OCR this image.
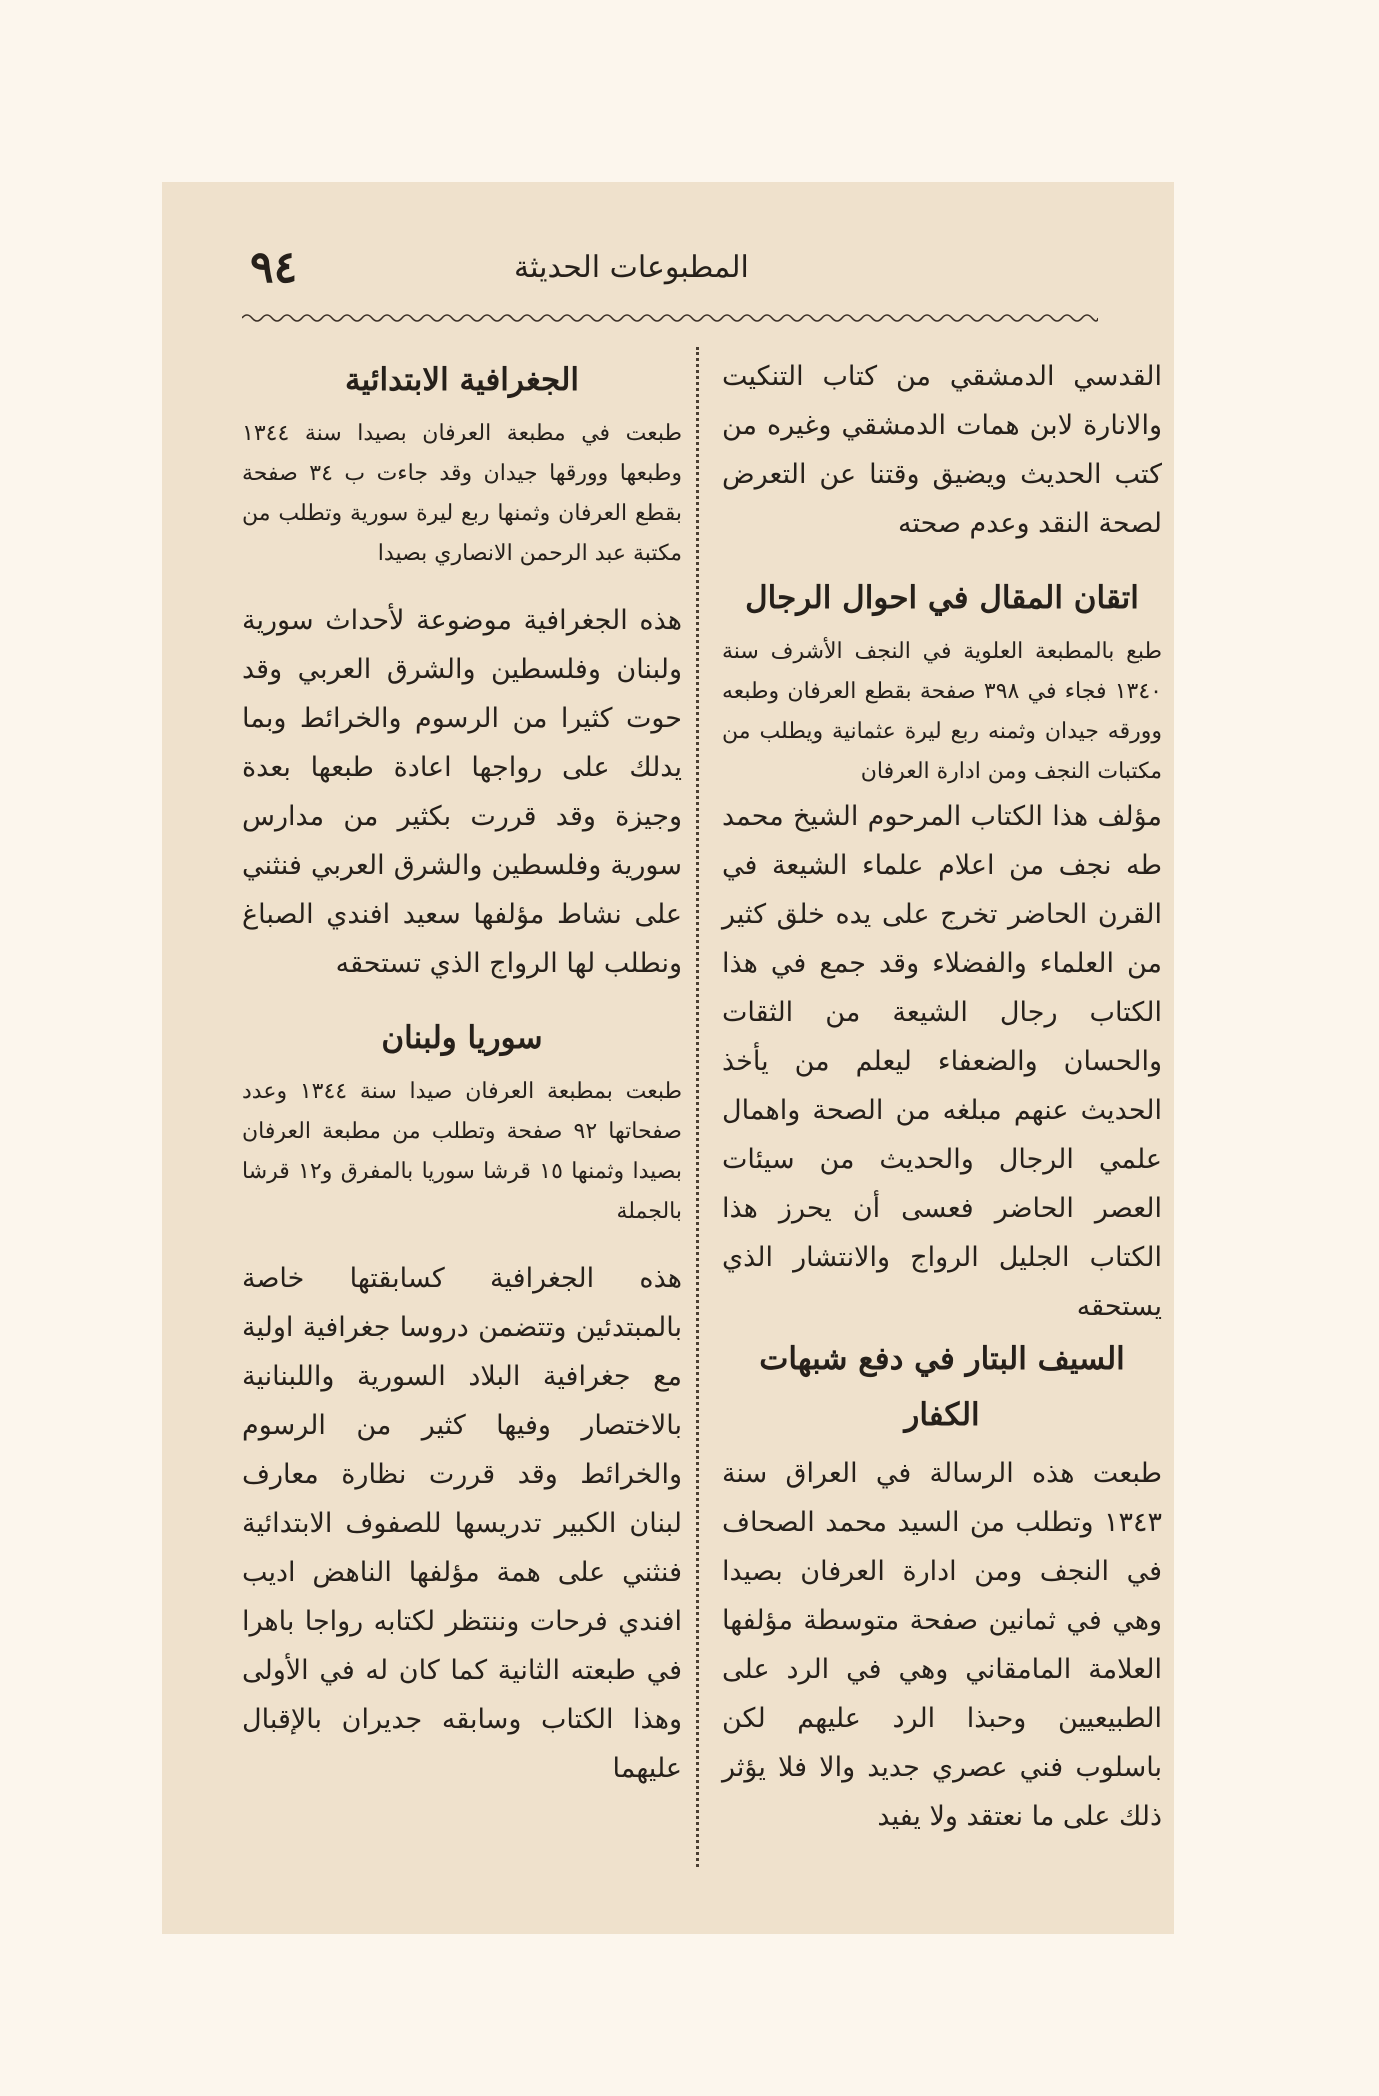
٩٤	المطبوعات الحديثة

القدسي الدمشقي من كتاب التنكيت والانارة لابن همات الدمشقي وغيره من كتب الحديث ويضيق وقتنا عن التعرض لصحة النقد وعدم صحته

اتقان المقال في احوال الرجال

طبع بالمطبعة العلوية في النجف الأشرف سنة ١٣٤٠ فجاء في ٣٩٨ صفحة بقطع العرفان وطبعه وورقه جيدان وثمنه ربع ليرة عثمانية ويطلب من مكتبات النجف ومن ادارة العرفان

مؤلف هذا الكتاب المرحوم الشيخ محمد طه نجف من اعلام علماء الشيعة في القرن الحاضر تخرج على يده خلق كثير من العلماء والفضلاء وقد جمع في هذا الكتاب رجال الشيعة من الثقات والحسان والضعفاء ليعلم من يأخذ الحديث عنهم مبلغه من الصحة واهمال علمي الرجال والحديث من سيئات العصر الحاضر فعسى أن يحرز هذا الكتاب الجليل الرواج والانتشار الذي يستحقه

السيف البتار في دفع شبهات الكفار

طبعت هذه الرسالة في العراق سنة ١٣٤٣ وتطلب من السيد محمد الصحاف في النجف ومن ادارة العرفان بصيدا وهي في ثمانين صفحة متوسطة مؤلفها العلامة المامقاني وهي في الرد على الطبيعيين وحبذا الرد عليهم لكن باسلوب فني عصري جديد والا فلا يؤثر ذلك على ما نعتقد ولا يفيد

الجغرافية الابتدائية

طبعت في مطبعة العرفان بصيدا سنة ١٣٤٤ وطبعها وورقها جيدان وقد جاءت ب ٣٤ صفحة بقطع العرفان وثمنها ربع ليرة سورية وتطلب من مكتبة عبد الرحمن الانصاري بصيدا

هذه الجغرافية موضوعة لأحداث سورية ولبنان وفلسطين والشرق العربي وقد حوت كثيرا من الرسوم والخرائط وبما يدلك على رواجها اعادة طبعها بعدة وجيزة وقد قررت بكثير من مدارس سورية وفلسطين والشرق العربي فنثني على نشاط مؤلفها سعيد افندي الصباغ ونطلب لها الرواج الذي تستحقه

سوريا ولبنان

طبعت بمطبعة العرفان صيدا سنة ١٣٤٤ وعدد صفحاتها ٩٢ صفحة وتطلب من مطبعة العرفان بصيدا وثمنها ١٥ قرشا سوريا بالمفرق و١٢ قرشا بالجملة

هذه الجغرافية كسابقتها خاصة بالمبتدئين وتتضمن دروسا جغرافية اولية مع جغرافية البلاد السورية واللبنانية بالاختصار وفيها كثير من الرسوم والخرائط وقد قررت نظارة معارف لبنان الكبير تدريسها للصفوف الابتدائية فنثني على همة مؤلفها الناهض اديب افندي فرحات وننتظر لكتابه رواجا باهرا في طبعته الثانية كما كان له في الأولى وهذا الكتاب وسابقه جديران بالإقبال عليهما
